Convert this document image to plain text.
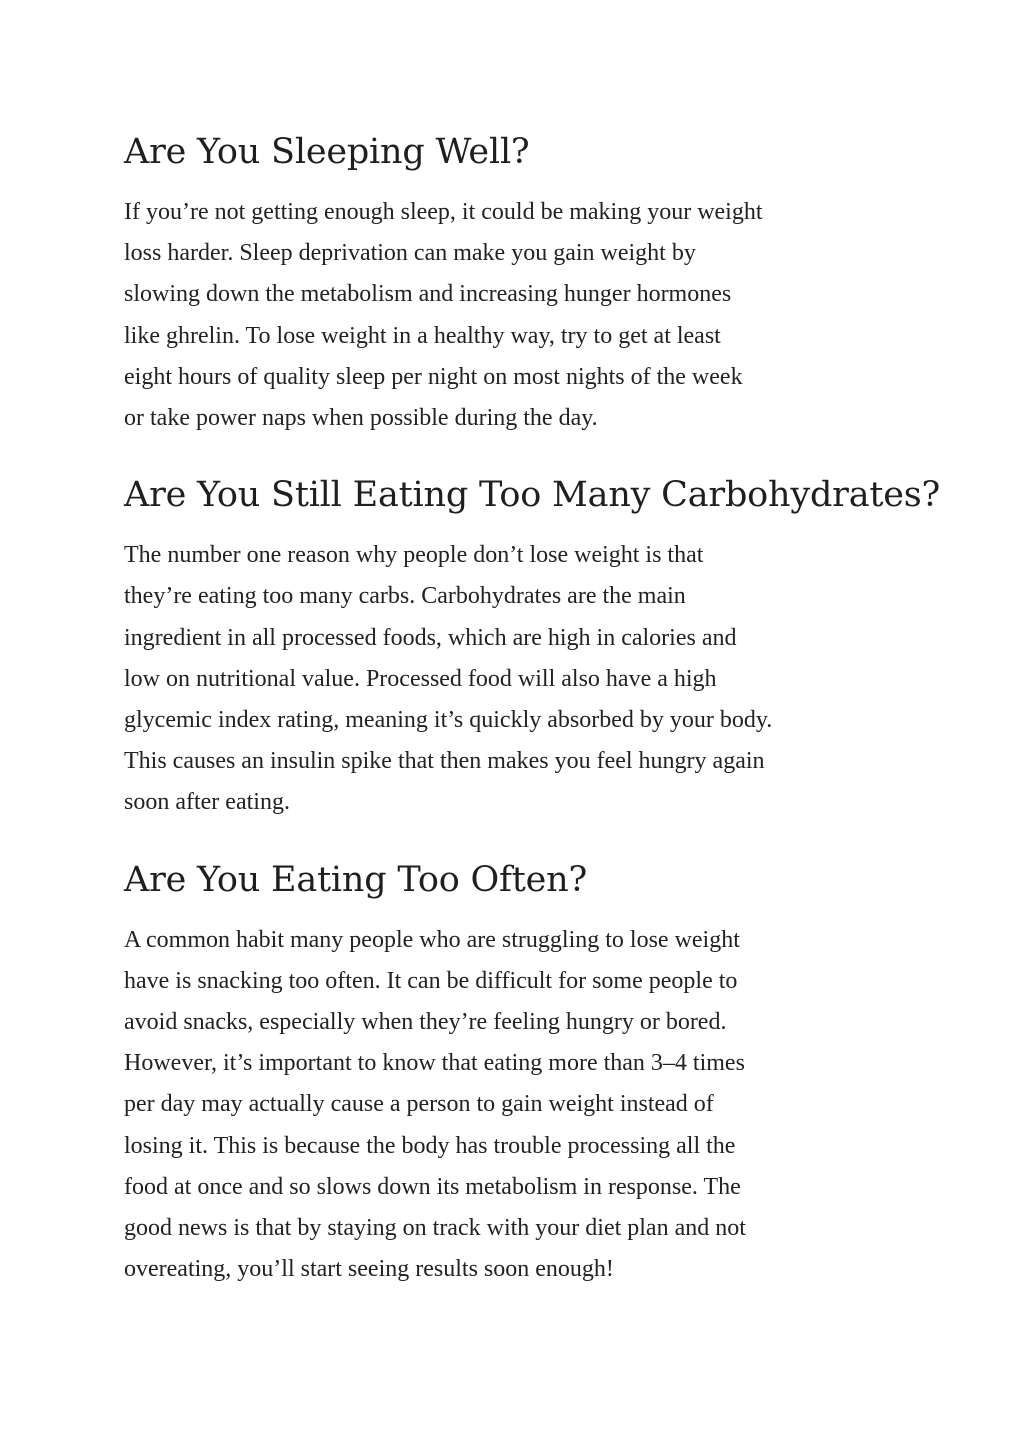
Are You Sleeping Well?

If you’re not getting enough sleep, it could be making your weight
loss harder. Sleep deprivation can make you gain weight by
slowing down the metabolism and increasing hunger hormones
like ghrelin. To lose weight in a healthy way, try to get at least
eight hours of quality sleep per night on most nights of the week
or take power naps when possible during the day.

Are You Still Eating Too Many Carbohydrates?

The number one reason why people don’t lose weight is that
they’re eating too many carbs. Carbohydrates are the main
ingredient in all processed foods, which are high in calories and
low on nutritional value. Processed food will also have a high
glycemic index rating, meaning it’s quickly absorbed by your body.
This causes an insulin spike that then makes you feel hungry again
soon after eating.

Are You Eating Too Often?

A common habit many people who are struggling to lose weight
have is snacking too often. It can be difficult for some people to
avoid snacks, especially when they’re feeling hungry or bored.
However, it’s important to know that eating more than 3–4 times
per day may actually cause a person to gain weight instead of
losing it. This is because the body has trouble processing all the
food at once and so slows down its metabolism in response. The
good news is that by staying on track with your diet plan and not
overeating, you’ll start seeing results soon enough!
